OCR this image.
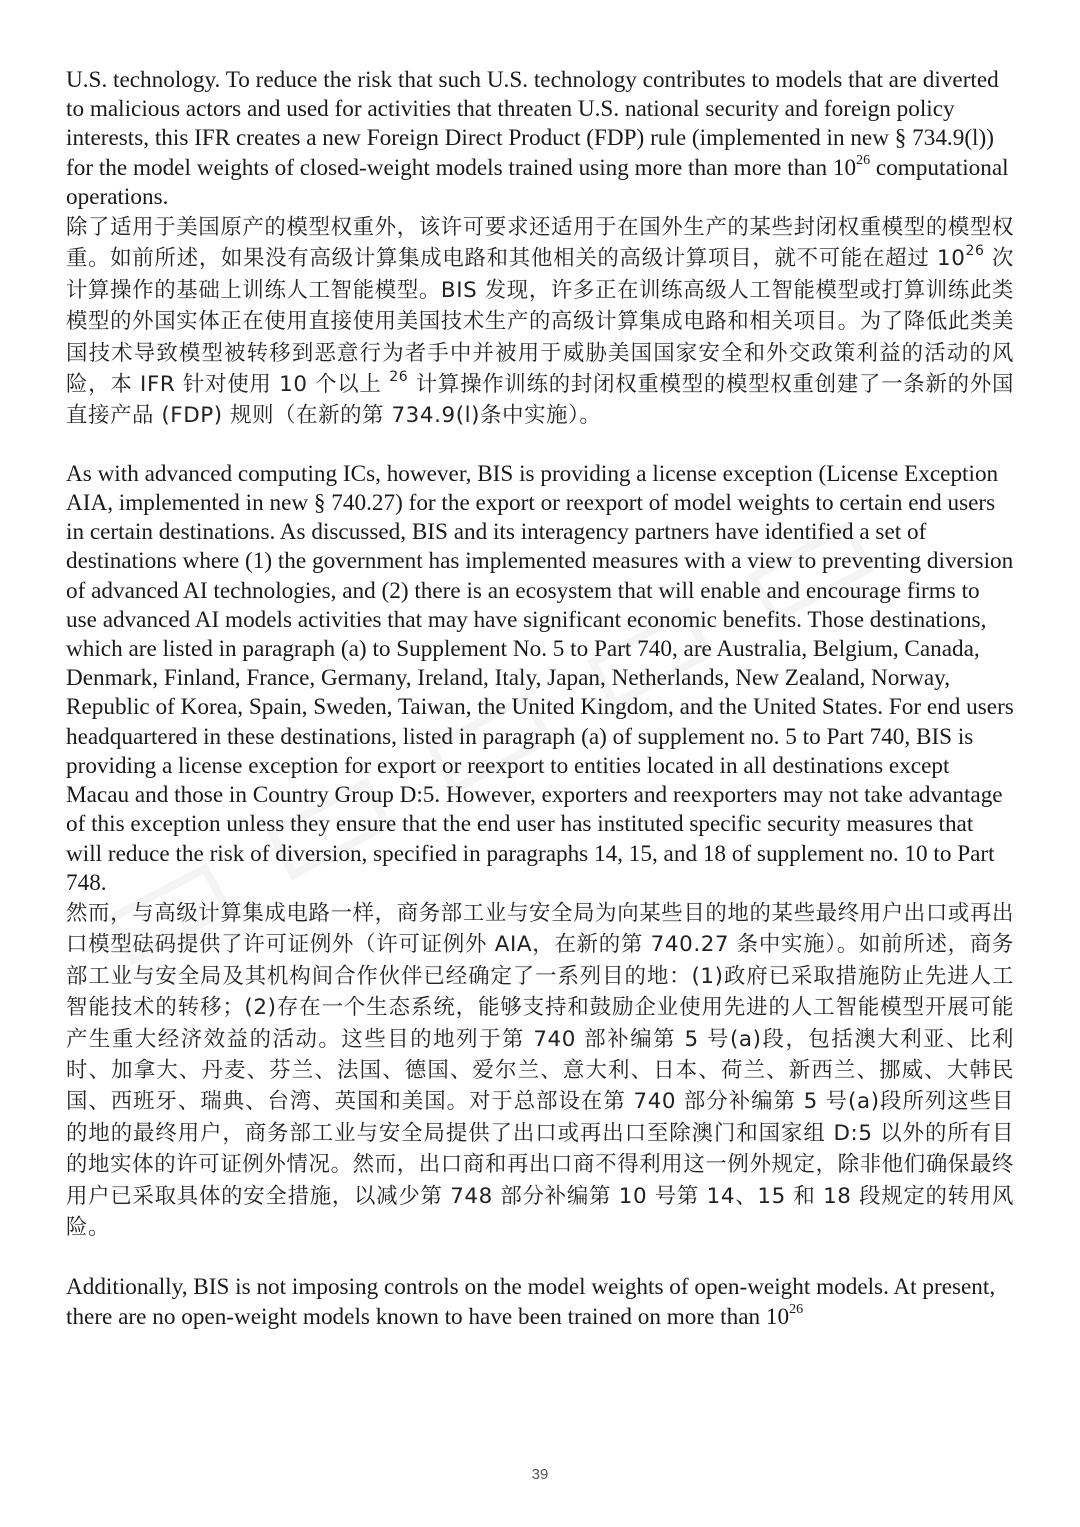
U.S. technology. To reduce the risk that such U.S. technology contributes to models that are diverted to malicious actors and used for activities that threaten U.S. national security and foreign policy interests, this IFR creates a new Foreign Direct Product (FDP) rule (implemented in new § 734.9(l)) for the model weights of closed-weight models trained using more than more than $10^{26}$ computational operations.

除了适用于美国原产的模型权重外，该许可要求还适用于在国外生产的某些封闭权重模型的模型权重。如前所述，如果没有高级计算集成电路和其他相关的高级计算项目，就不可能在超过 $10^{26}$ 次计算操作的基础上训练人工智能模型。BIS 发现，许多正在训练高级人工智能模型或打算训练此类模型的外国实体正在使用直接使用美国技术生产的高级计算集成电路和相关项目。为了降低此类美国技术导致模型被转移到恶意行为者手中并被用于威胁美国国家安全和外交政策利益的活动的风险，本 IFR 针对使用 10 个以上 $^{26}$ 计算操作训练的封闭权重模型的模型权重创建了一条新的外国直接产品 (FDP) 规则（在新的第 734.9(l)条中实施）。

As with advanced computing ICs, however, BIS is providing a license exception (License Exception AIA, implemented in new § 740.27) for the export or reexport of model weights to certain end users in certain destinations. As discussed, BIS and its interagency partners have identified a set of destinations where (1) the government has implemented measures with a view to preventing diversion of advanced AI technologies, and (2) there is an ecosystem that will enable and encourage firms to use advanced AI models activities that may have significant economic benefits. Those destinations, which are listed in paragraph (a) to Supplement No. 5 to Part 740, are Australia, Belgium, Canada, Denmark, Finland, France, Germany, Ireland, Italy, Japan, Netherlands, New Zealand, Norway, Republic of Korea, Spain, Sweden, Taiwan, the United Kingdom, and the United States. For end users headquartered in these destinations, listed in paragraph (a) of supplement no. 5 to Part 740, BIS is providing a license exception for export or reexport to entities located in all destinations except Macau and those in Country Group D:5. However, exporters and reexporters may not take advantage of this exception unless they ensure that the end user has instituted specific security measures that will reduce the risk of diversion, specified in paragraphs 14, 15, and 18 of supplement no. 10 to Part 748.

然而，与高级计算集成电路一样，商务部工业与安全局为向某些目的地的某些最终用户出口或再出口模型砝码提供了许可证例外（许可证例外 AIA，在新的第 740.27 条中实施）。如前所述，商务部工业与安全局及其机构间合作伙伴已经确定了一系列目的地：(1)政府已采取措施防止先进人工智能技术的转移；(2)存在一个生态系统，能够支持和鼓励企业使用先进的人工智能模型开展可能产生重大经济效益的活动。这些目的地列于第 740 部补编第 5 号(a)段，包括澳大利亚、比利时、加拿大、丹麦、芬兰、法国、德国、爱尔兰、意大利、日本、荷兰、新西兰、挪威、大韩民国、西班牙、瑞典、台湾、英国和美国。对于总部设在第 740 部分补编第 5 号(a)段所列这些目的地的最终用户，商务部工业与安全局提供了出口或再出口至除澳门和国家组 D:5 以外的所有目的地实体的许可证例外情况。然而，出口商和再出口商不得利用这一例外规定，除非他们确保最终用户已采取具体的安全措施，以减少第 748 部分补编第 10 号第 14、15 和 18 段规定的转用风险。

Additionally, BIS is not imposing controls on the model weights of open-weight models. At present, there are no open-weight models known to have been trained on more than $10^{26}$

39
